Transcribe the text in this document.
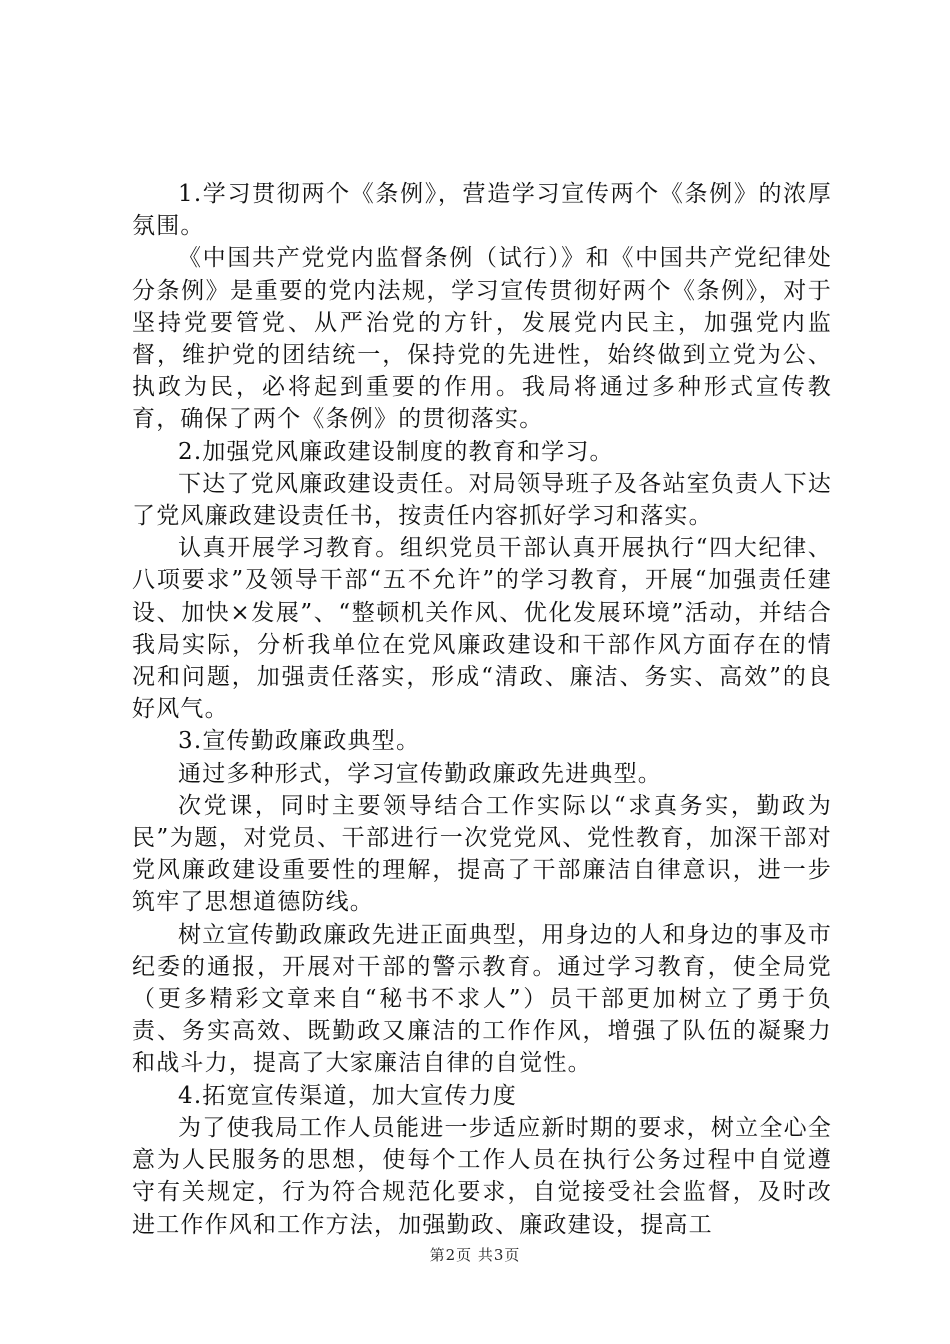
1.学习贯彻两个《条例》，营造学习宣传两个《条例》的浓厚氛围。

《中国共产党党内监督条例（试行）》和《中国共产党纪律处分条例》是重要的党内法规，学习宣传贯彻好两个《条例》，对于坚持党要管党、从严治党的方针，发展党内民主，加强党内监督，维护党的团结统一，保持党的先进性，始终做到立党为公、执政为民，必将起到重要的作用。我局将通过多种形式宣传教育，确保了两个《条例》的贯彻落实。

2.加强党风廉政建设制度的教育和学习。

下达了党风廉政建设责任。对局领导班子及各站室负责人下达了党风廉政建设责任书，按责任内容抓好学习和落实。

认真开展学习教育。组织党员干部认真开展执行“四大纪律、八项要求”及领导干部“五不允许”的学习教育，开展“加强责任建设、加快×发展”、“整顿机关作风、优化发展环境”活动，并结合我局实际，分析我单位在党风廉政建设和干部作风方面存在的情况和问题，加强责任落实，形成“清政、廉洁、务实、高效”的良好风气。

3.宣传勤政廉政典型。

通过多种形式，学习宣传勤政廉政先进典型。

次党课，同时主要领导结合工作实际以“求真务实，勤政为民”为题，对党员、干部进行一次党党风、党性教育，加深干部对党风廉政建设重要性的理解，提高了干部廉洁自律意识，进一步筑牢了思想道德防线。

树立宣传勤政廉政先进正面典型，用身边的人和身边的事及市纪委的通报，开展对干部的警示教育。通过学习教育，使全局党（更多精彩文章来自“秘书不求人”）员干部更加树立了勇于负责、务实高效、既勤政又廉洁的工作作风，增强了队伍的凝聚力和战斗力，提高了大家廉洁自律的自觉性。

4.拓宽宣传渠道，加大宣传力度

为了使我局工作人员能进一步适应新时期的要求，树立全心全意为人民服务的思想，使每个工作人员在执行公务过程中自觉遵守有关规定，行为符合规范化要求，自觉接受社会监督，及时改进工作作风和工作方法，加强勤政、廉政建设，提高工

第2页 共3页
